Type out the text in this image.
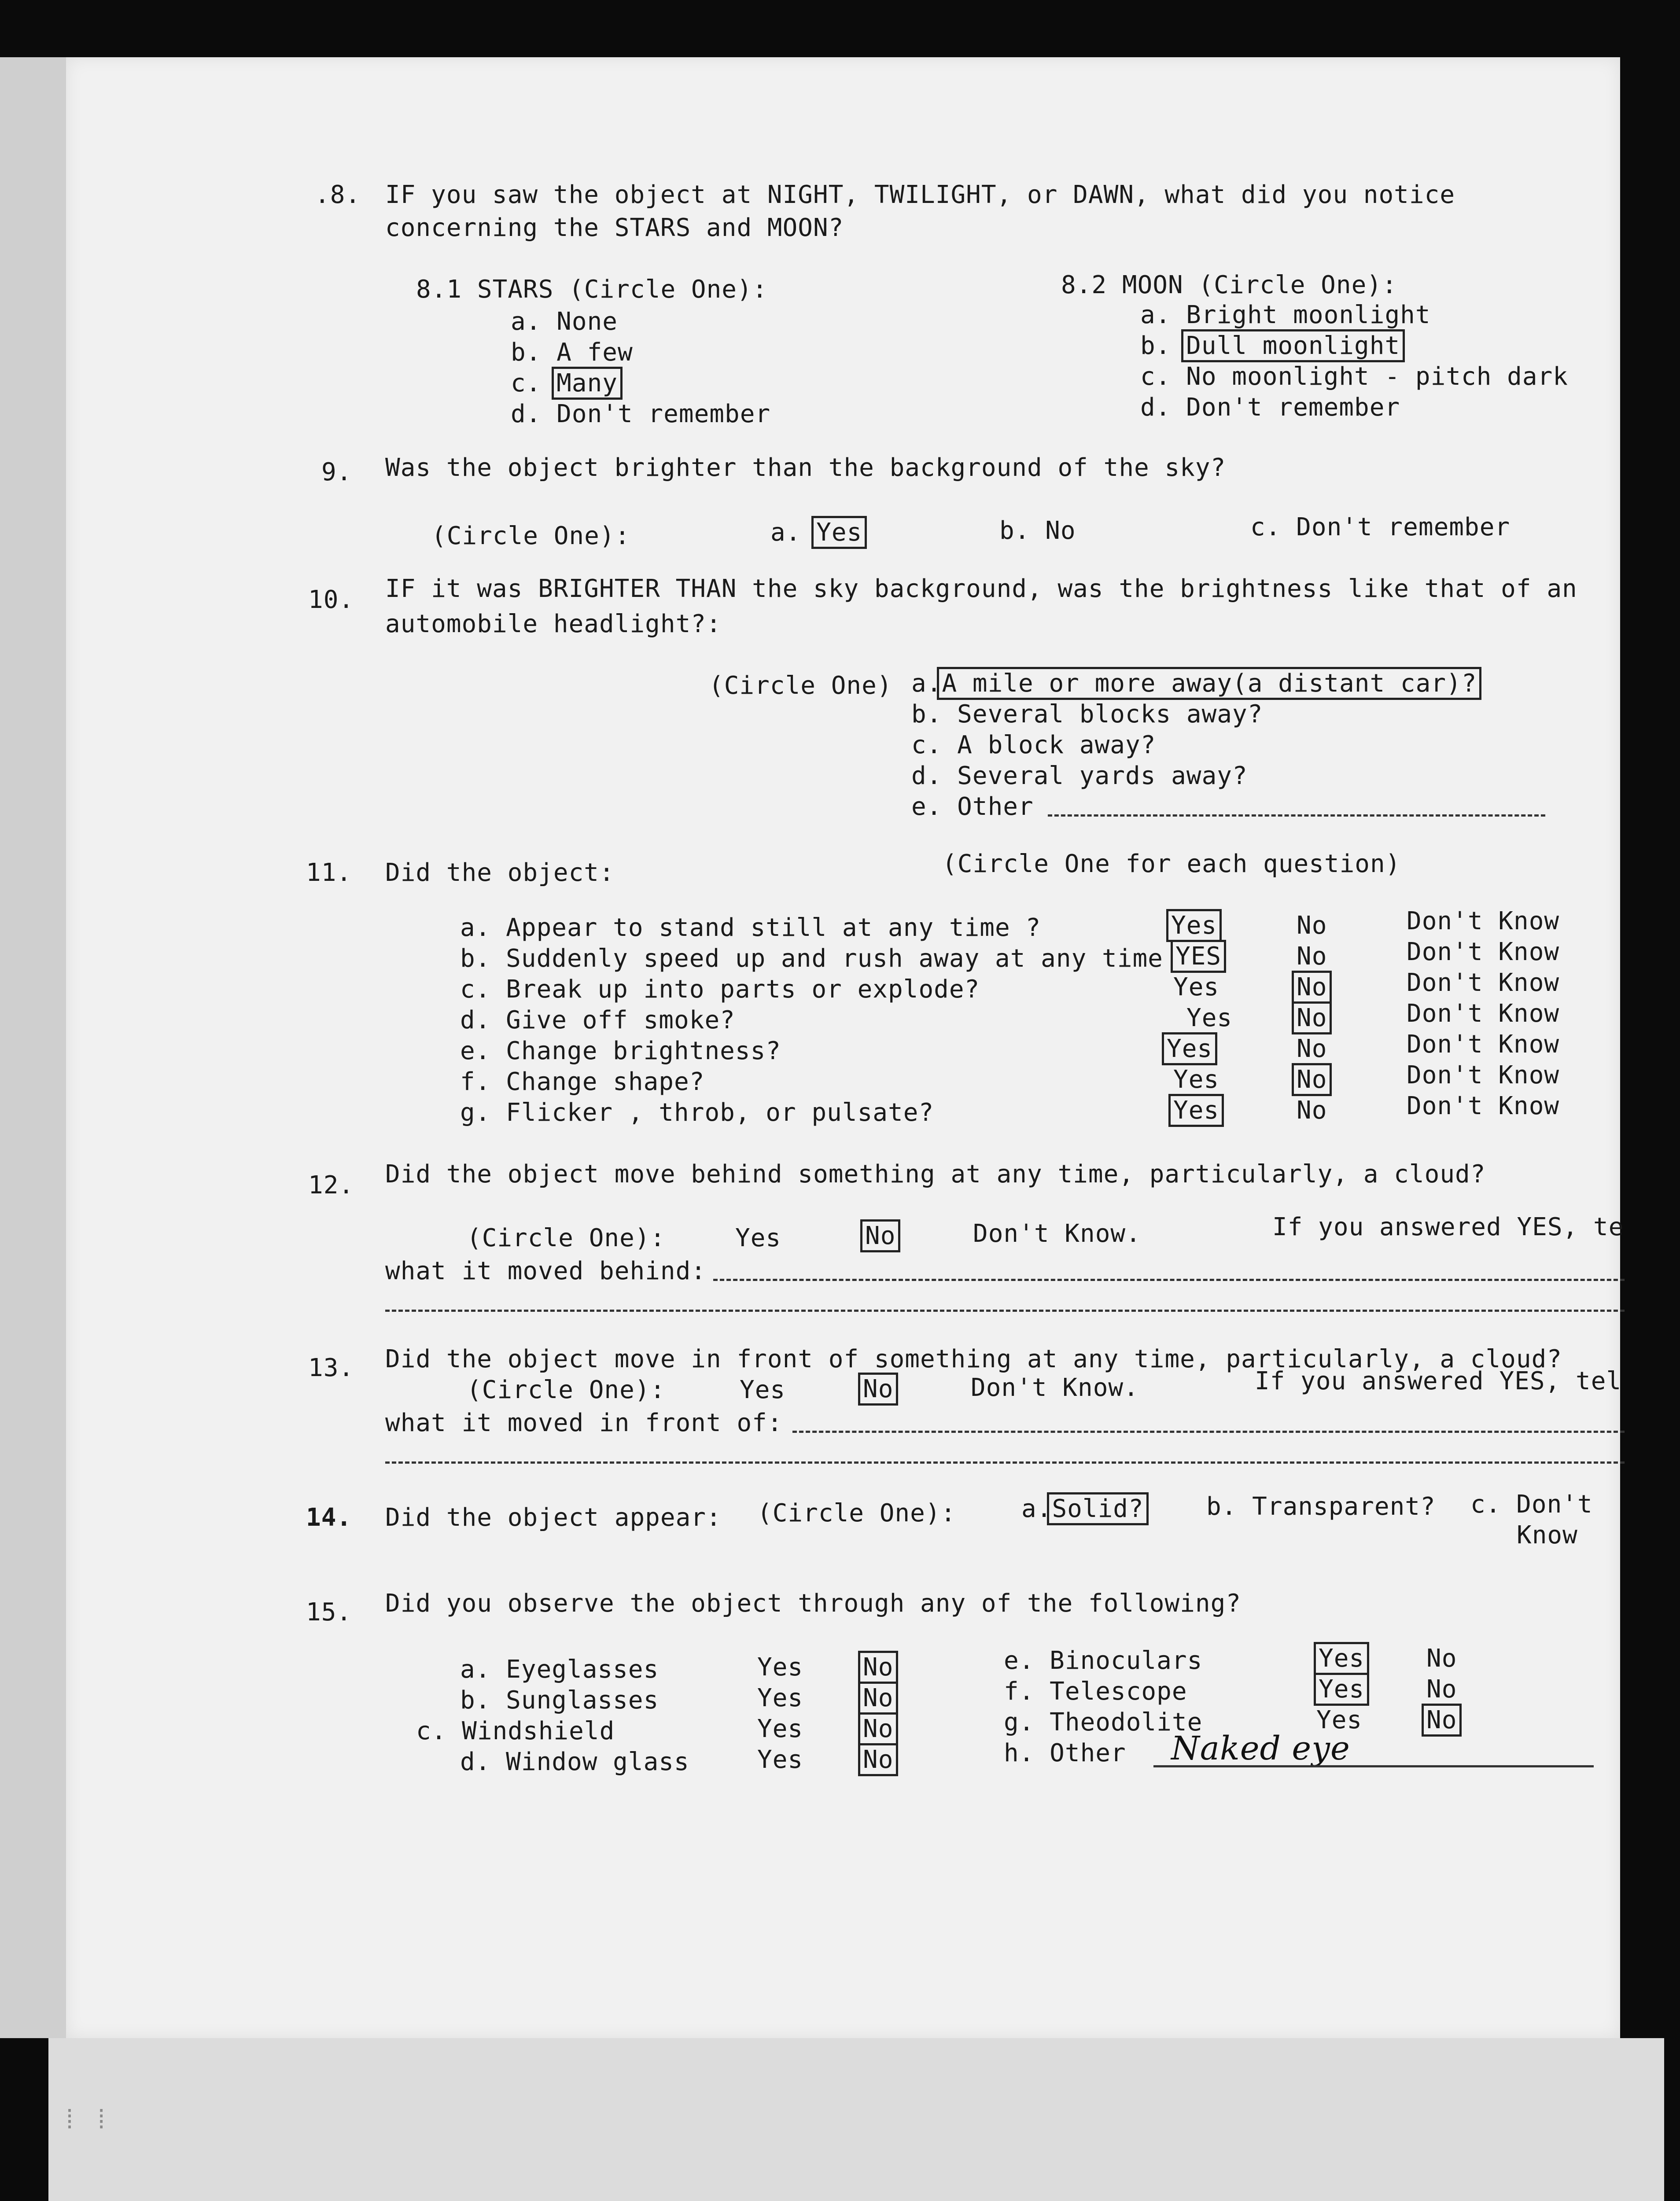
.8. IF you saw the object at NIGHT, TWILIGHT, or DAWN, what did you notice
concerning the STARS and MOON?
8.1 STARS (Circle One):
a. None
b. A few
c. Many
d. Don't remember
8.2 MOON (Circle One):
a. Bright moonlight
b. Dull moonlight
c. No moonlight - pitch dark
d. Don't remember
9. Was the object brighter than the background of the sky?
(Circle One):	a. Yes	b. No	c. Don't remember
10. IF it was BRIGHTER THAN the sky background, was the brightness like that of an
automobile headlight?:
(Circle One) a.A mile or more away(a distant car)?
b. Several blocks away?
c. A block away?
d. Several yards away?
e. Other
11. Did the object:	(Circle One for each question)
a. Appear to stand still at any time ?	Yes	No	Don't Know
b. Suddenly speed up and rush away at any time YES	No	Don't Know
c. Break up into parts or explode?	Yes	No	Don't Know
d. Give off smoke?	Yes	No	Don't Know
e. Change brightness?	Yes	No	Don't Know
f. Change shape?	Yes	No	Don't Know
g. Flicker , throb, or pulsate?	Yes	No	Don't Know
12. Did the object move behind something at any time, particularly, a cloud?
(Circle One):	Yes	No	Don't Know.	If you answered YES, te
what it moved behind:
13. Did the object move in front of something at any time, particularly, a cloud?
(Circle One):	Yes	No	Don't Know.	If you answered YES, tel
what it moved in front of:
14. Did the object appear: (Circle One):	a.Solid?	b. Transparent? c. Don't
Know
15. Did you observe the object through any of the following?
a. Eyeglasses	Yes No
b. Sunglasses	Yes No
c. Windshield	Yes No
d. Window glass	Yes No
e. Binoculars	Yes	No
f. Telescope	Yes	No
g. Theodolite	Yes	No
h. Other Naked eye
⁞ ⁞
